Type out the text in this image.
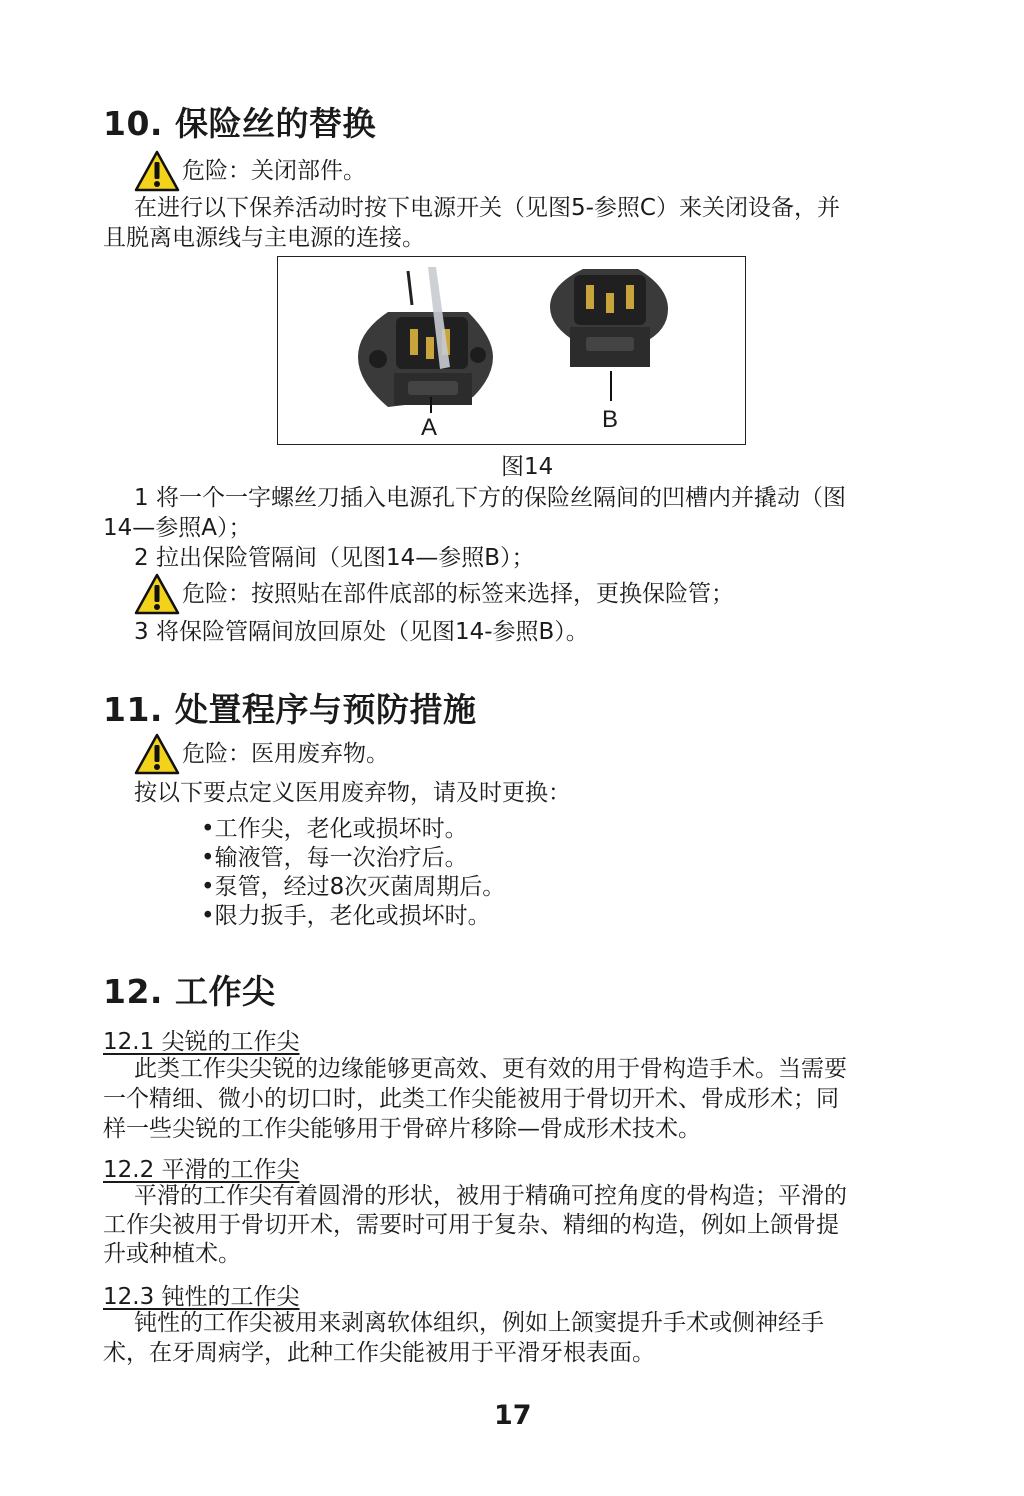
10. 保险丝的替换
危险：关闭部件。
在进行以下保养活动时按下电源开关（见图5-参照C）来关闭设备，并
且脱离电源线与主电源的连接。
A	B
图14
1 将一个一字螺丝刀插入电源孔下方的保险丝隔间的凹槽内并撬动（图
14—参照A）；
2 拉出保险管隔间（见图14—参照B）；
危险：按照贴在部件底部的标签来选择，更换保险管；
3 将保险管隔间放回原处（见图14-参照B）。
11. 处置程序与预防措施
危险：医用废弃物。
按以下要点定义医用废弃物，请及时更换：
•工作尖，老化或损坏时。
•输液管，每一次治疗后。
•泵管，经过8次灭菌周期后。
•限力扳手，老化或损坏时。
12. 工作尖
12.1 尖锐的工作尖
此类工作尖尖锐的边缘能够更高效、更有效的用于骨构造手术。当需要
一个精细、微小的切口时，此类工作尖能被用于骨切开术、骨成形术；同
样一些尖锐的工作尖能够用于骨碎片移除—骨成形术技术。
12.2 平滑的工作尖
平滑的工作尖有着圆滑的形状，被用于精确可控角度的骨构造；平滑的
工作尖被用于骨切开术，需要时可用于复杂、精细的构造，例如上颌骨提
升或种植术。
12.3 钝性的工作尖
钝性的工作尖被用来剥离软体组织，例如上颌窦提升手术或侧神经手
术，在牙周病学，此种工作尖能被用于平滑牙根表面。
17
